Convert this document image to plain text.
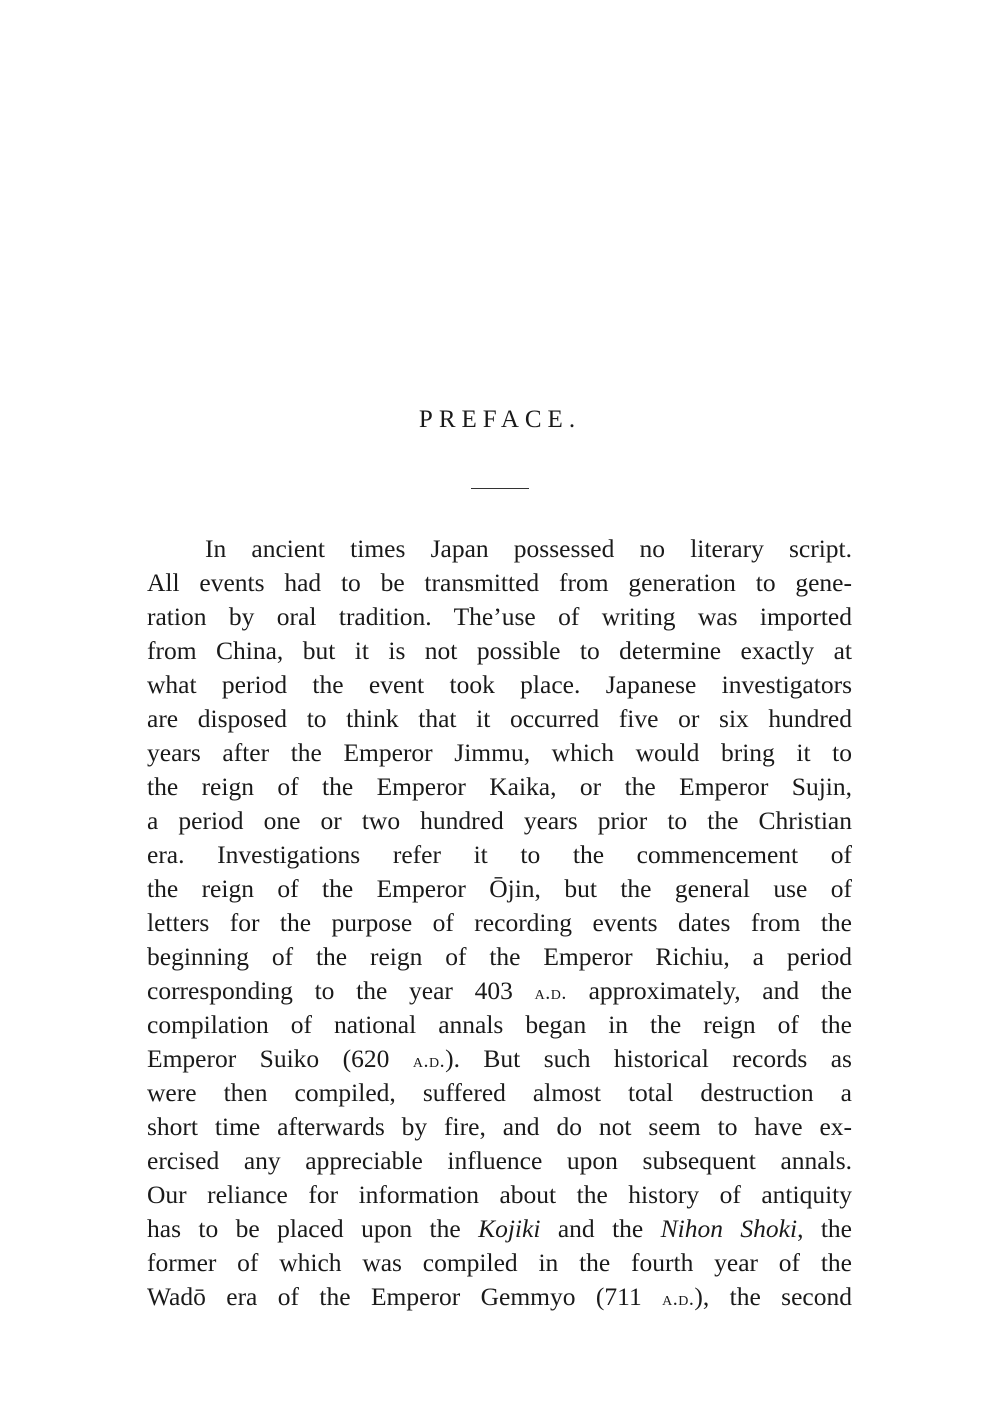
PREFACE.
In ancient times Japan possessed no literary script.
All events had to be transmitted from generation to gene-
ration by oral tradition. The’use of writing was imported
from China, but it is not possible to determine exactly at
what period the event took place. Japanese investigators
are disposed to think that it occurred five or six hundred
years after the Emperor Jimmu, which would bring it to
the reign of the Emperor Kaika, or the Emperor Sujin,
a period one or two hundred years prior to the Christian
era. Investigations refer it to the commencement of
the reign of the Emperor Ōjin, but the general use of
letters for the purpose of recording events dates from the
beginning of the reign of the Emperor Richiu, a period
corresponding to the year 403 a.d. approximately, and the
compilation of national annals began in the reign of the
Emperor Suiko (620 a.d.). But such historical records as
were then compiled, suffered almost total destruction a
short time afterwards by fire, and do not seem to have ex-
ercised any appreciable influence upon subsequent annals.
Our reliance for information about the history of antiquity
has to be placed upon the Kojiki and the Nihon Shoki, the
former of which was compiled in the fourth year of the
Wadō era of the Emperor Gemmyo (711 a.d.), the second
